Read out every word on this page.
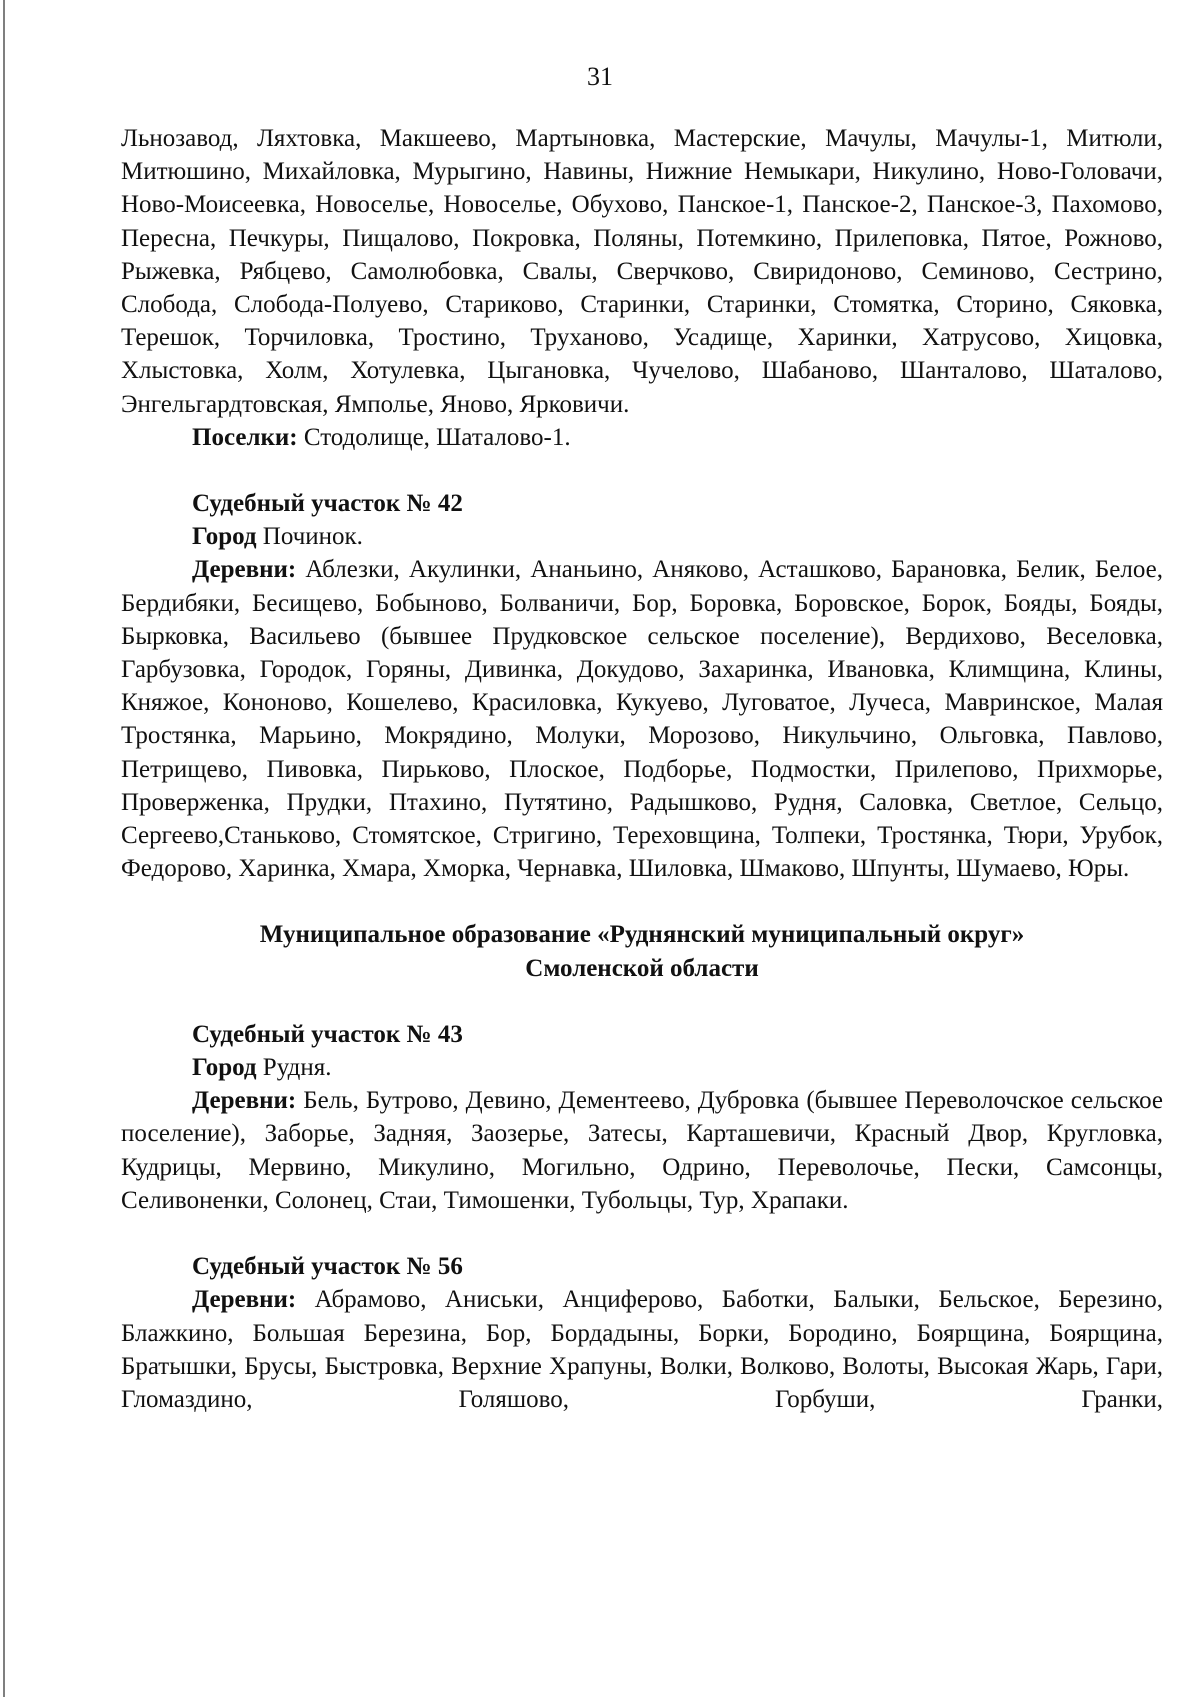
31

Льнозавод, Ляхтовка, Макшеево, Мартыновка, Мастерские, Мачулы, Мачулы-1, Митюли, Митюшино, Михайловка, Мурыгино, Навины, Нижние Немыкари, Никулино, Ново-Головачи, Ново-Моисеевка, Новоселье, Новоселье, Обухово, Панское-1, Панское-2, Панское-3, Пахомово, Пересна, Печкуры, Пищалово, Покровка, Поляны, Потемкино, Прилеповка, Пятое, Рожново, Рыжевка, Рябцево, Самолюбовка, Свалы, Сверчково, Свиридоново, Семиново, Сестрино, Слобода, Слобода-Полуево, Стариково, Старинки, Старинки, Стомятка, Сторино, Сяковка, Терешок, Торчиловка, Тростино, Труханово, Усадище, Харинки, Хатрусово, Хицовка, Хлыстовка, Холм, Хотулевка, Цыгановка, Чучелово, Шабаново, Шанталово, Шаталово, Энгельгардтовская, Ямполье, Яново, Ярковичи.

Поселки: Стодолище, Шаталово-1.

Судебный участок № 42

Город Починок.

Деревни: Аблезки, Акулинки, Ананьино, Аняково, Асташково, Барановка, Белик, Белое, Бердибяки, Бесищево, Бобыново, Болваничи, Бор, Боровка, Боровское, Борок, Бояды, Бояды, Бырковка, Васильево (бывшее Прудковское сельское поселение), Вердихово, Веселовка, Гарбузовка, Городок, Горяны, Дивинка, Докудово, Захаринка, Ивановка, Климщина, Клины, Княжое, Кононово, Кошелево, Красиловка, Кукуево, Луговатое, Лучеса, Мавринское, Малая Тростянка, Марьино, Мокрядино, Молуки, Морозово, Никульчино, Ольговка, Павлово, Петрищево, Пивовка, Пирьково, Плоское, Подборье, Подмостки, Прилепово, Прихморье, Проверженка, Прудки, Птахино, Путятино, Радышково, Рудня, Саловка, Светлое, Сельцо, Сергеево,Станьково, Стомятское, Стригино, Тереховщина, Толпеки, Тростянка, Тюри, Урубок, Федорово, Харинка, Хмара, Хморка, Чернавка, Шиловка, Шмаково, Шпунты, Шумаево, Юры.

Муниципальное образование «Руднянский муниципальный округ»

Смоленской области

Судебный участок № 43

Город Рудня.

Деревни: Бель, Бутрово, Девино, Дементеево, Дубровка (бывшее Переволочское сельское поселение), Заборье, Задняя, Заозерье, Затесы, Карташевичи, Красный Двор, Кругловка, Кудрицы, Мервино, Микулино, Могильно, Одрино, Переволочье, Пески, Самсонцы, Селивоненки, Солонец, Стаи, Тимошенки, Тубольцы, Тур, Храпаки.

Судебный участок № 56

Деревни: Абрамово, Аниськи, Анциферово, Баботки, Балыки, Бельское, Березино, Блажкино, Большая Березина, Бор, Бордадыны, Борки, Бородино, Боярщина, Боярщина, Братышки, Брусы, Быстровка, Верхние Храпуны, Волки, Волково, Волоты, Высокая Жарь, Гари, Гломаздино, Голяшово, Горбуши, Гранки,
